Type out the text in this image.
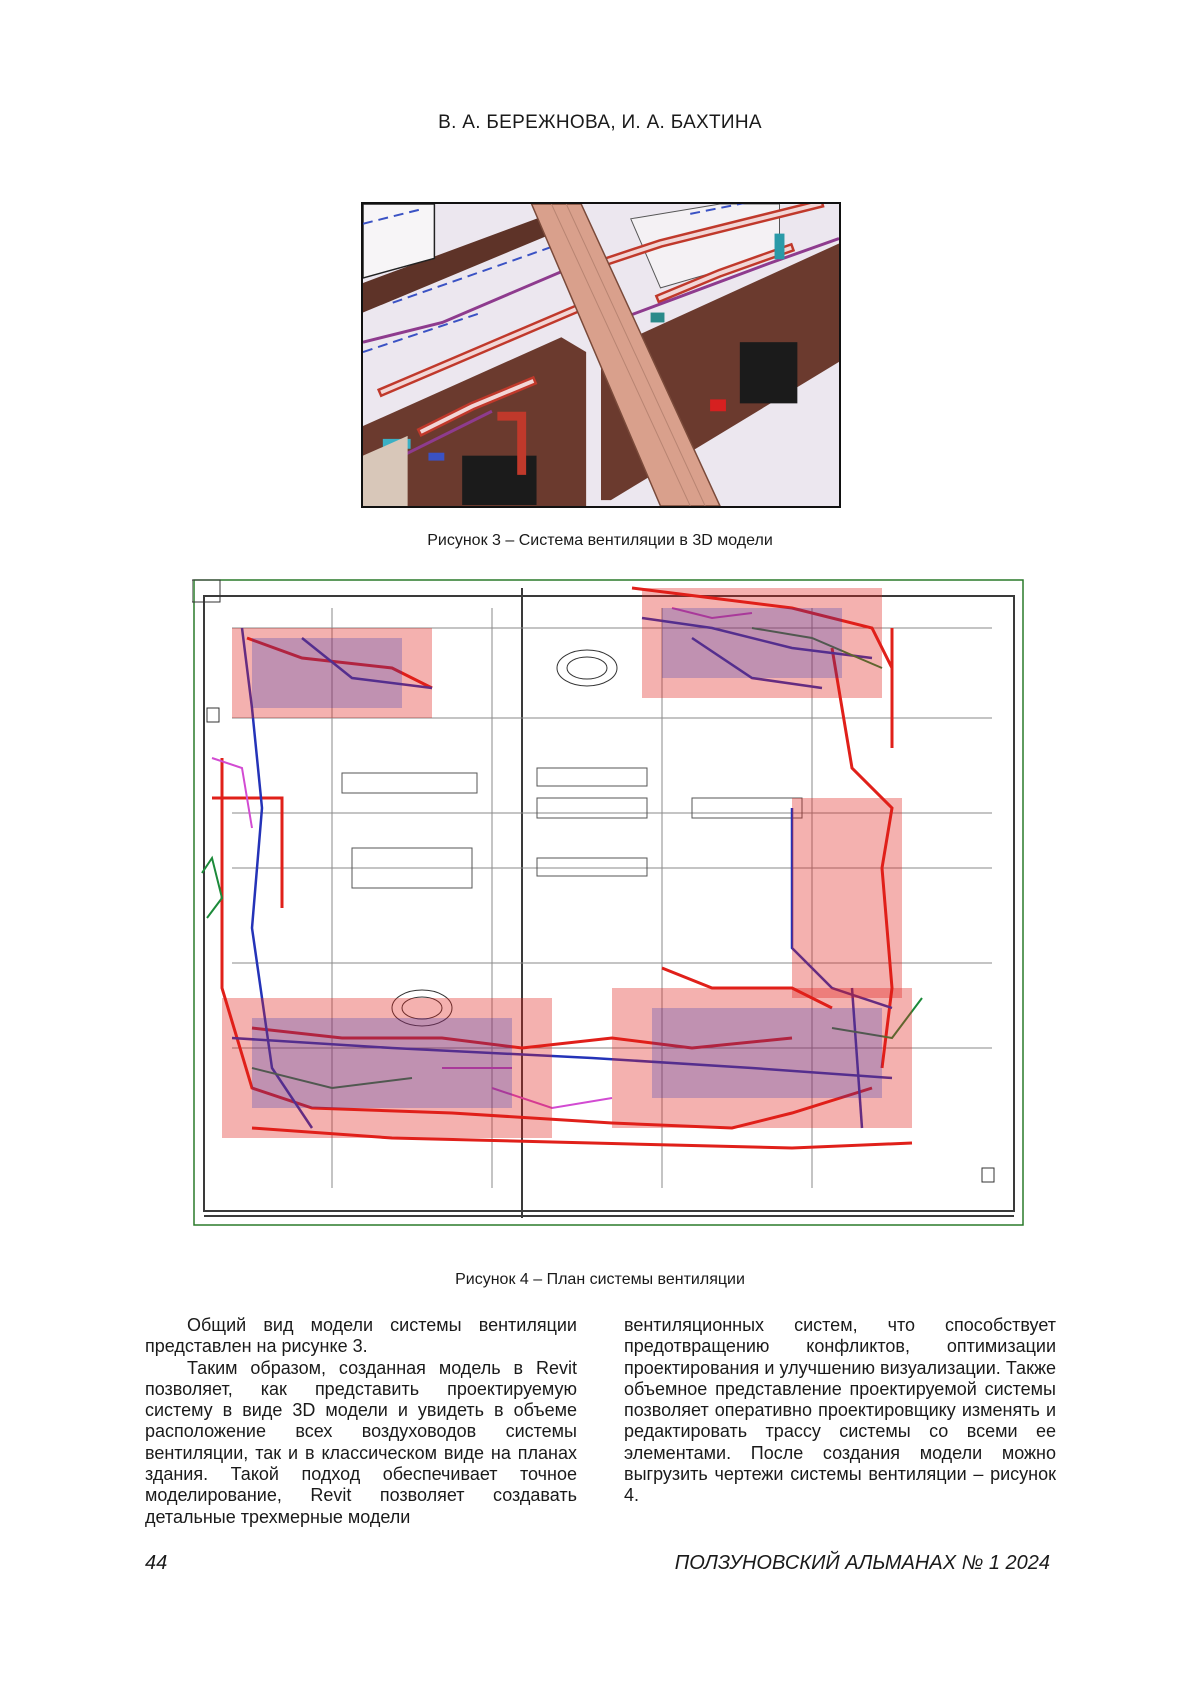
В. А. БЕРЕЖНОВА, И. А. БАХТИНА
Рисунок 3 – Система вентиляции в 3D модели
Рисунок 4 – План системы вентиляции

Общий вид модели системы вентиляции представлен на рисунке 3.

Таким образом, созданная модель в Revit позволяет, как представить проектируемую систему в виде 3D модели и увидеть в объеме расположение всех воздуховодов системы вентиляции, так и в классическом виде на планах здания. Такой подход обеспечивает точное моделирование, Revit позволяет создавать детальные трехмерные модели

вентиляционных систем, что способствует предотвращению конфликтов, оптимизации проектирования и улучшению визуализации. Также объемное представление проектируемой системы позволяет оперативно проектировщику изменять и редактировать трассу системы со всеми ее элементами. После создания модели можно выгрузить чертежи системы вентиляции – рисунок 4.

44	ПОЛЗУНОВСКИЙ АЛЬМАНАХ № 1 2024
